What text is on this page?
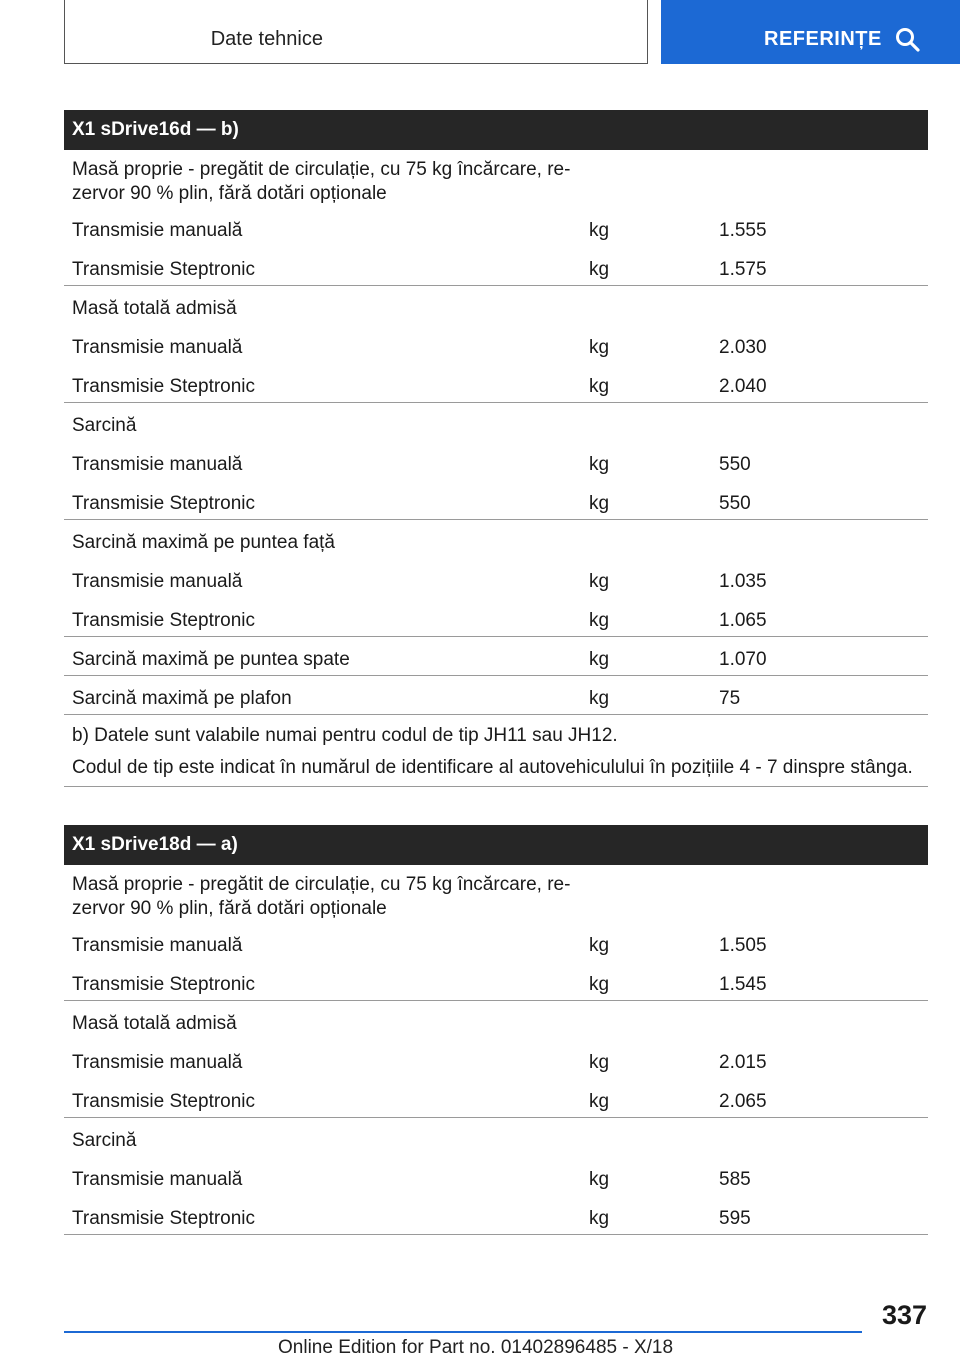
Date tehnice	REFERINȚE
X1 sDrive16d — b)
Masă proprie - pregătit de circulație, cu 75 kg încărcare, re-
zervor 90 % plin, fără dotări opționale
Transmisie manuală	kg	1.555
Transmisie Steptronic	kg	1.575
Masă totală admisă
Transmisie manuală	kg	2.030
Transmisie Steptronic	kg	2.040
Sarcină
Transmisie manuală	kg	550
Transmisie Steptronic	kg	550
Sarcină maximă pe puntea față
Transmisie manuală	kg	1.035
Transmisie Steptronic	kg	1.065
Sarcină maximă pe puntea spate	kg	1.070
Sarcină maximă pe plafon	kg	75
b) Datele sunt valabile numai pentru codul de tip JH11 sau JH12.
Codul de tip este indicat în numărul de identificare al autovehiculului în pozițiile 4 - 7 dinspre stânga.
X1 sDrive18d — a)
Masă proprie - pregătit de circulație, cu 75 kg încărcare, re-
zervor 90 % plin, fără dotări opționale
Transmisie manuală	kg	1.505
Transmisie Steptronic	kg	1.545
Masă totală admisă
Transmisie manuală	kg	2.015
Transmisie Steptronic	kg	2.065
Sarcină
Transmisie manuală	kg	585
Transmisie Steptronic	kg	595
337
Online Edition for Part no. 01402896485 - X/18
